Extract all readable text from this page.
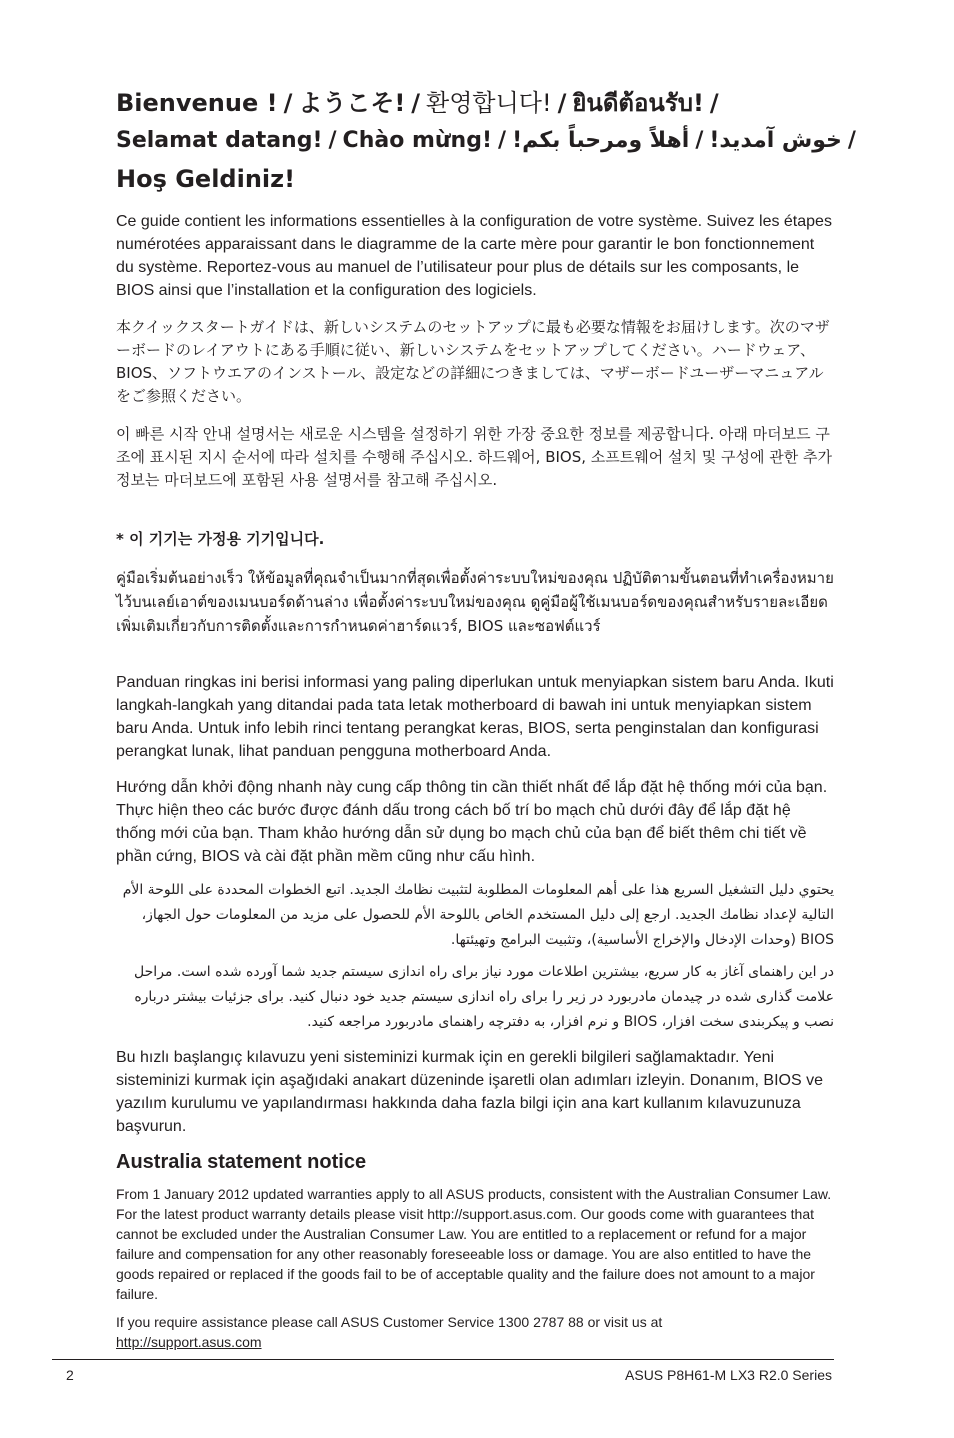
Bienvenue ! / ようこそ! / 환영합니다! / ยินดีต้อนรับ! /
Selamat datang! / Chào mừng! / أهلاً ومرحباً بكم! / خوش آمدید! /
Hoş Geldiniz!

Ce guide contient les informations essentielles à la configuration de votre système. Suivez les étapes numérotées apparaissant dans le diagramme de la carte mère pour garantir le bon fonctionnement du système. Reportez-vous au manuel de l’utilisateur pour plus de détails sur les composants, le BIOS ainsi que l’installation et la configuration des logiciels.

本クイックスタートガイドは、新しいシステムのセットアップに最も必要な情報をお届けします。次のマザーボードのレイアウトにある手順に従い、新しいシステムをセットアップしてください。ハードウェア、BIOS、ソフトウエアのインストール、設定などの詳細につきましては、マザーボードユーザーマニュアルをご参照ください。

이 빠른 시작 안내 설명서는 새로운 시스템을 설정하기 위한 가장 중요한 정보를 제공합니다. 아래 마더보드 구조에 표시된 지시 순서에 따라 설치를 수행해 주십시오. 하드웨어, BIOS, 소프트웨어 설치 및 구성에 관한 추가 정보는 마더보드에 포함된 사용 설명서를 참고해 주십시오.

* 이 기기는 가정용 기기입니다.

คู่มือเริ่มต้นอย่างเร็ว ให้ข้อมูลที่คุณจำเป็นมากที่สุดเพื่อตั้งค่าระบบใหม่ของคุณ ปฏิบัติตามขั้นตอนที่ทำเครื่องหมายไว้บนเลย์เอาต์ของเมนบอร์ดด้านล่าง เพื่อตั้งค่าระบบใหม่ของคุณ ดูคู่มือผู้ใช้เมนบอร์ดของคุณสำหรับรายละเอียดเพิ่มเติมเกี่ยวกับการติดตั้งและการกำหนดค่าฮาร์ดแวร์, BIOS และซอฟต์แวร์

Panduan ringkas ini berisi informasi yang paling diperlukan untuk menyiapkan sistem baru Anda. Ikuti langkah-langkah yang ditandai pada tata letak motherboard di bawah ini untuk menyiapkan sistem baru Anda. Untuk info lebih rinci tentang perangkat keras, BIOS, serta penginstalan dan konfigurasi perangkat lunak, lihat panduan pengguna motherboard Anda.

Hướng dẫn khởi động nhanh này cung cấp thông tin cần thiết nhất để lắp đặt hệ thống mới của bạn. Thực hiện theo các bước được đánh dấu trong cách bố trí bo mạch chủ dưới đây để lắp đặt hệ thống mới của bạn. Tham khảo hướng dẫn sử dụng bo mạch chủ của bạn để biết thêm chi tiết về phần cứng, BIOS và cài đặt phần mềm cũng như cấu hình.

يحتوي دليل التشغيل السريع هذا على أهم المعلومات المطلوبة لتثبيت نظامك الجديد. اتبع الخطوات المحددة على اللوحة الأم التالية لإعداد نظامك الجديد. ارجع إلى دليل المستخدم الخاص باللوحة الأم للحصول على مزيد من المعلومات حول الجهاز، BIOS (وحدات الإدخال والإخراج الأساسية)، وتثبيت البرامج وتهيئتها.

در این راهنمای آغاز به کار سریع، بیشترین اطلاعات مورد نیاز برای راه اندازی سیستم جدید شما آورده شده است. مراحل علامت گذاری شده در چیدمان مادربورد در زیر را برای راه اندازی سیستم جدید خود دنبال کنید. برای جزئیات بیشتر درباره نصب و پیکربندی سخت افزار، BIOS و نرم افزار، به دفترچه راهنمای مادربورد مراجعه کنید.

Bu hızlı başlangıç kılavuzu yeni sisteminizi kurmak için en gerekli bilgileri sağlamaktadır. Yeni sisteminizi kurmak için aşağıdaki anakart düzeninde işaretli olan adımları izleyin. Donanım, BIOS ve yazılım kurulumu ve yapılandırması hakkında daha fazla bilgi için ana kart kullanım kılavuzunuza başvurun.

Australia statement notice

From 1 January 2012 updated warranties apply to all ASUS products, consistent with the Australian Consumer Law. For the latest product warranty details please visit http://support.asus.com. Our goods come with guarantees that cannot be excluded under the Australian Consumer Law. You are entitled to a replacement or refund for a major failure and compensation for any other reasonably foreseeable loss or damage. You are also entitled to have the goods repaired or replaced if the goods fail to be of acceptable quality and the failure does not amount to a major failure.

If you require assistance please call ASUS Customer Service 1300 2787 88 or visit us at
http://support.asus.com

2	ASUS P8H61-M LX3 R2.0 Series
